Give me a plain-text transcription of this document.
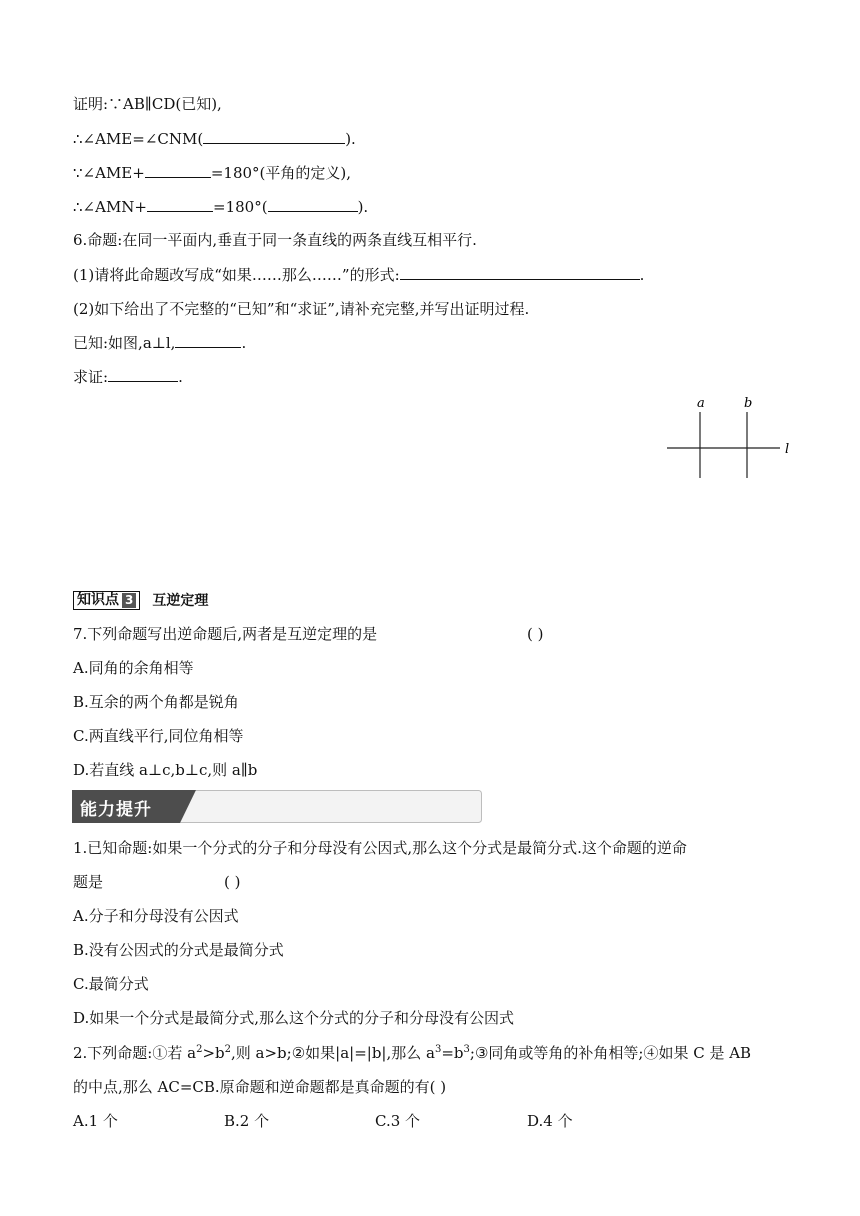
证明:∵AB∥CD(已知),
∴∠AME=∠CNM(	).
∵∠AME+	=180°(平角的定义),
∴∠AMN+	=180°(	).
6.命题:在同一平面内,垂直于同一条直线的两条直线互相平行.
(1)请将此命题改写成“如果……那么……”的形式:	.
(2)如下给出了不完整的“已知”和“求证”,请补充完整,并写出证明过程.
已知:如图,a⊥l,	.
求证:	.
a	b
l
知识点 3 互逆定理
7.下列命题写出逆命题后,两者是互逆定理的是	( )
A.同角的余角相等
B.互余的两个角都是锐角
C.两直线平行,同位角相等
D.若直线 a⊥c,b⊥c,则 a∥b
能力提升
1.已知命题:如果一个分式的分子和分母没有公因式,那么这个分式是最简分式.这个命题的逆命
题是	( )
A.分子和分母没有公因式
B.没有公因式的分式是最简分式
C.最简分式
D.如果一个分式是最简分式,那么这个分式的分子和分母没有公因式
2.下列命题:①若 $a^2>b^2$,则 a>b;②如果|a|=|b|,那么 $a^3=b^3;③$同角或等角的补角相等;④如果 C 是 AB
的中点,那么 AC=CB.原命题和逆命题都是真命题的有( )
A.1 个	B.2 个	C.3 个	D.4 个
